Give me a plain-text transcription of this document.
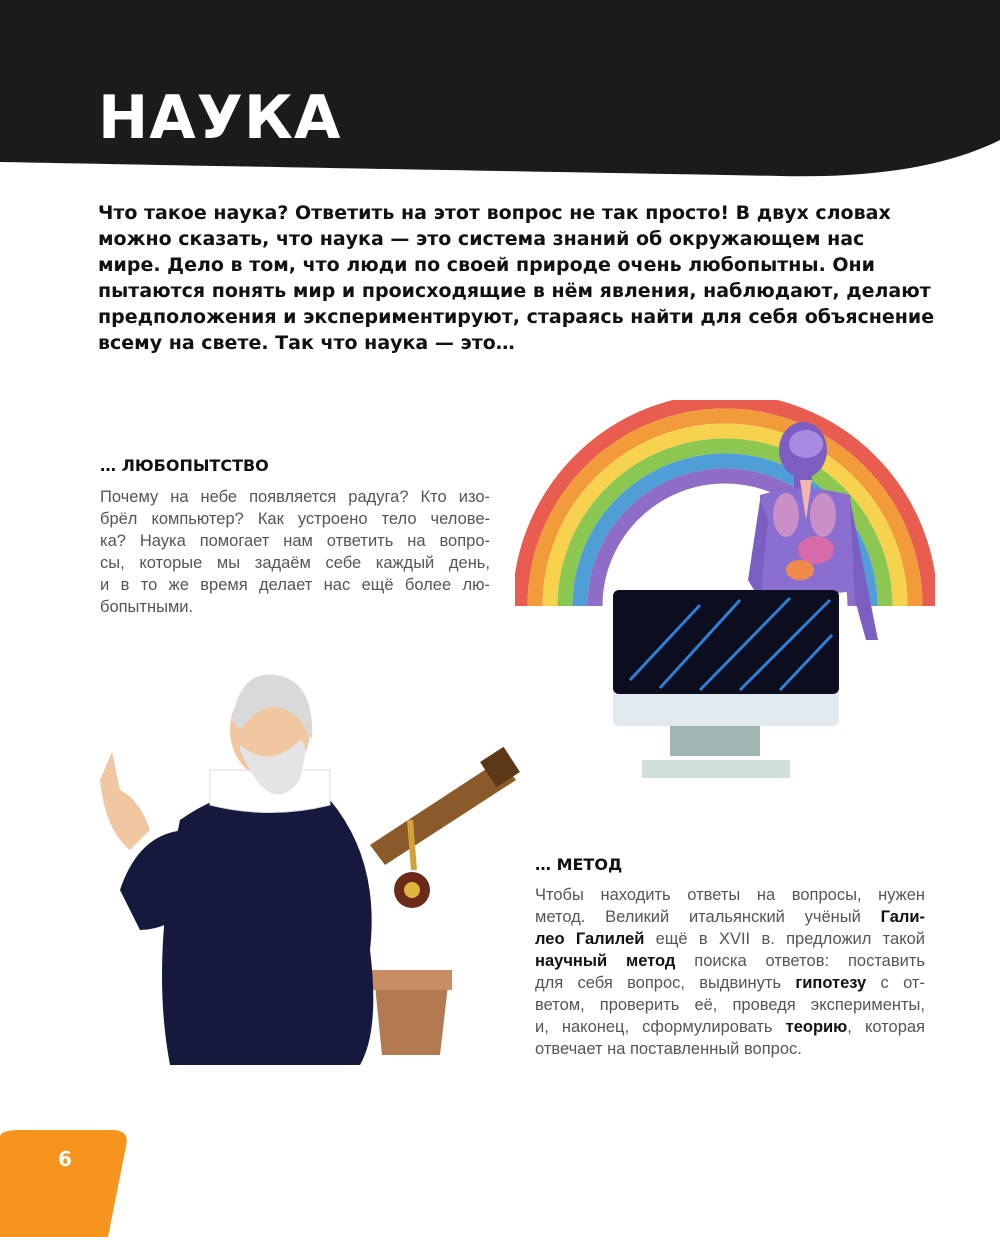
НАУКА
Что такое наука? Ответить на этот вопрос не так просто! В двух словах
можно сказать, что наука — это система знаний об окружающем нас
мире. Дело в том, что люди по своей природе очень любопытны. Они
пытаются понять мир и происходящие в нём явления, наблюдают, делают
предположения и экспериментируют, стараясь найти для себя объяснение
всему на свете. Так что наука — это…
… ЛЮБОПЫТСТВО
Почему на небе появляется радуга? Кто изо-
брёл компьютер? Как устроено тело челове-
ка? Наука помогает нам ответить на вопро-
сы, которые мы задаём себе каждый день,
и в то же время делает нас ещё более лю-
бопытными.
… МЕТОД
Чтобы находить ответы на вопросы, нужен
метод. Великий итальянский учёный Гали-
лео Галилей ещё в XVII в. предложил такой
научный метод поиска ответов: поставить
для себя вопрос, выдвинуть гипотезу с от-
ветом, проверить её, проведя эксперименты,
и, наконец, сформулировать теорию, которая
отвечает на поставленный вопрос.
6
